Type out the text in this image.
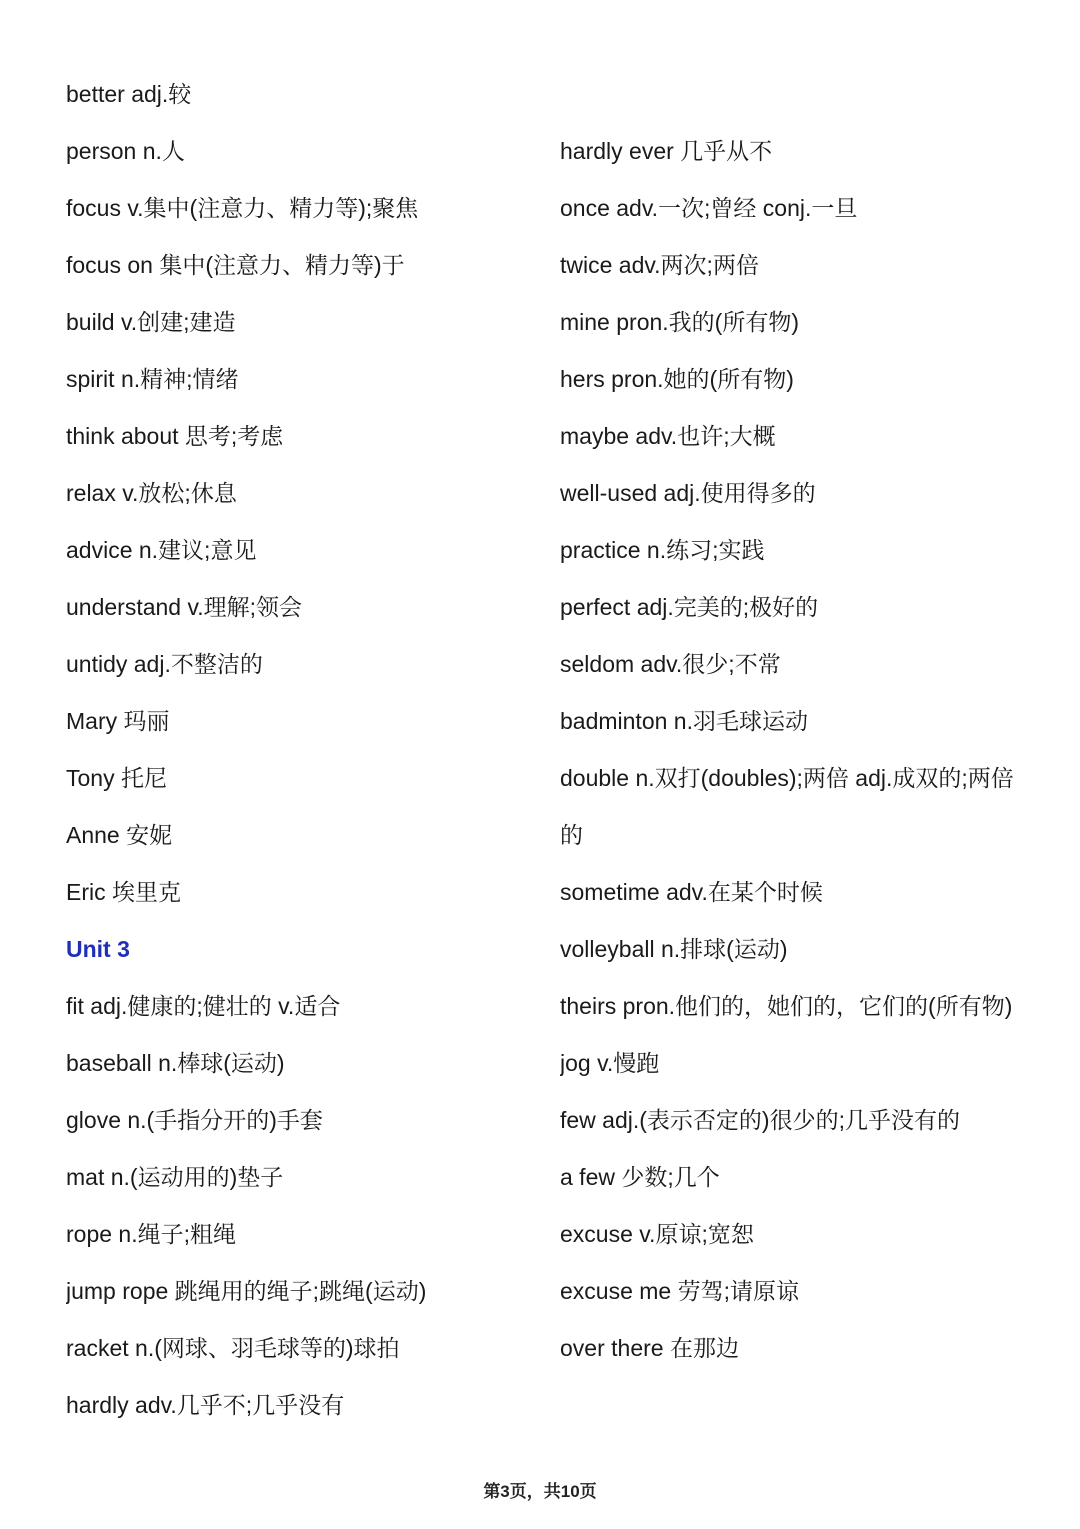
better adj.较
person n.人
focus v.集中(注意力、精力等);聚焦
focus on 集中(注意力、精力等)于
build v.创建;建造
spirit n.精神;情绪
think about 思考;考虑
relax v.放松;休息
advice n.建议;意见
understand v.理解;领会
untidy adj.不整洁的
Mary 玛丽
Tony 托尼
Anne 安妮
Eric 埃里克
Unit 3
fit adj.健康的;健壮的 v.适合
baseball n.棒球(运动)
glove n.(手指分开的)手套
mat n.(运动用的)垫子
rope n.绳子;粗绳
jump rope 跳绳用的绳子;跳绳(运动)
racket n.(网球、羽毛球等的)球拍
hardly adv.几乎不;几乎没有
hardly ever 几乎从不
once adv.一次;曾经 conj.一旦
twice adv.两次;两倍
mine pron.我的(所有物)
hers pron.她的(所有物)
maybe adv.也许;大概
well-used adj.使用得多的
practice n.练习;实践
perfect adj.完美的;极好的
seldom adv.很少;不常
badminton n.羽毛球运动
double n.双打(doubles);两倍 adj.成双的;两倍的
sometime adv.在某个时候
volleyball n.排球(运动)
theirs pron.他们的，她们的，它们的(所有物)
jog v.慢跑
few adj.(表示否定的)很少的;几乎没有的
a few 少数;几个
excuse v.原谅;宽恕
excuse me 劳驾;请原谅
over there 在那边
第3页，共10页
